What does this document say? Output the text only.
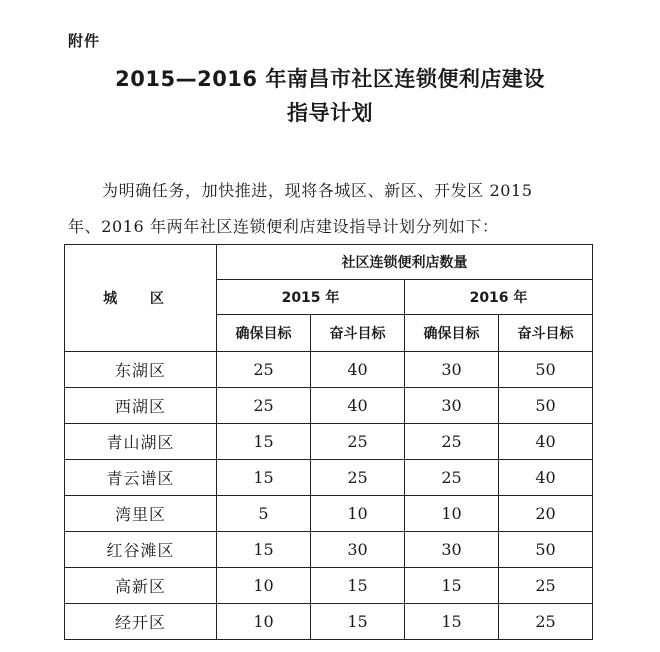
附件
2015—2016 年南昌市社区连锁便利店建设
指导计划
为明确任务，加快推进，现将各城区、新区、开发区 2015
年、2016 年两年社区连锁便利店建设指导计划分列如下：
城 区	社区连锁便利店数量			
	2015 年		2016 年	
	确保目标	奋斗目标	确保目标	奋斗目标
东湖区	25	40	30	50
西湖区	25	40	30	50
青山湖区	15	25	25	40
青云谱区	15	25	25	40
湾里区	5	10	10	20
红谷滩区	15	30	30	50
高新区	10	15	15	25
经开区	10	15	15	25
